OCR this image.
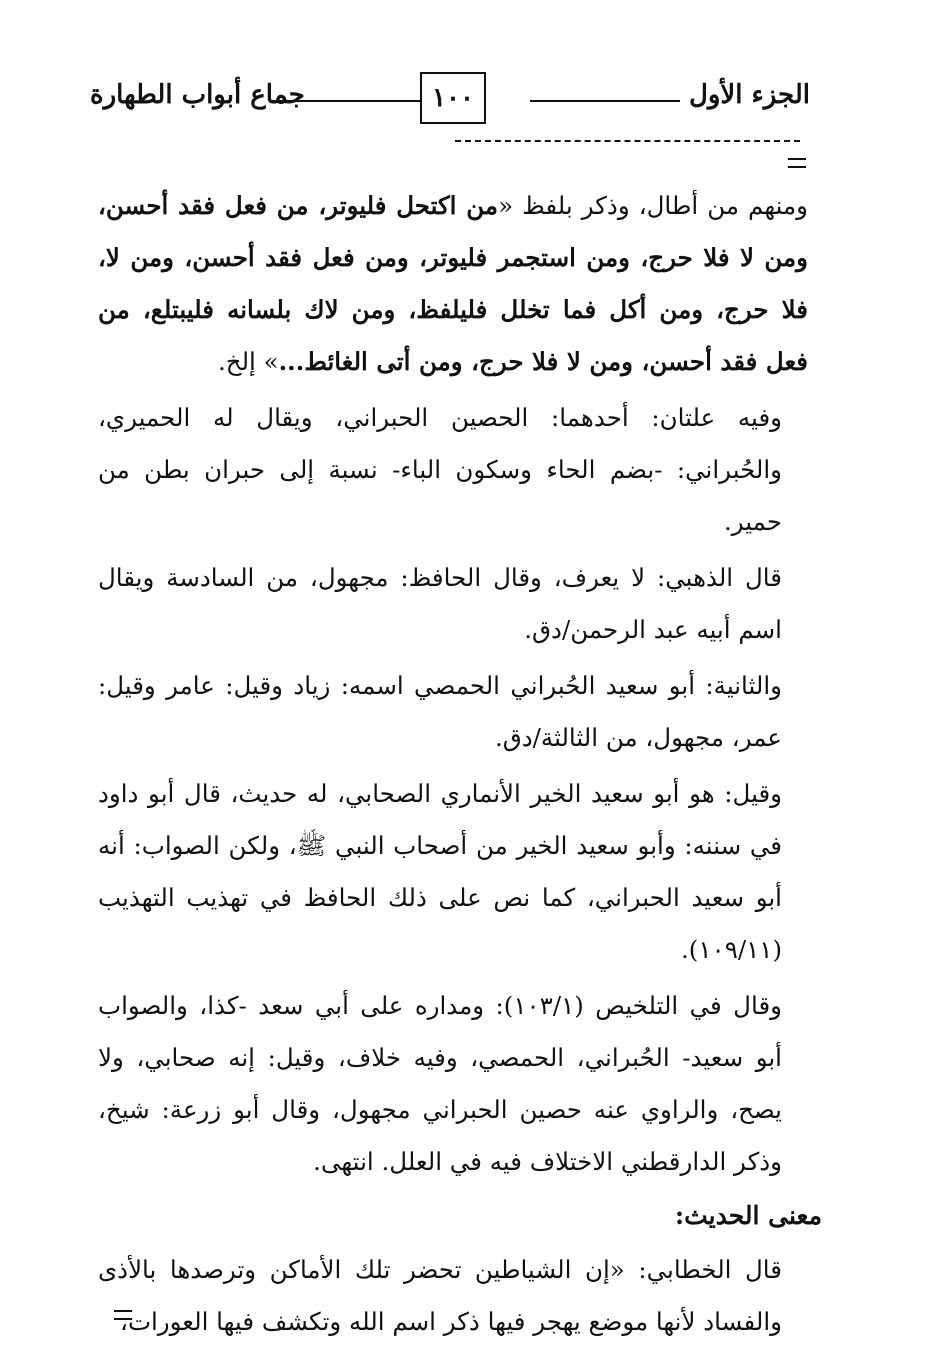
الجزء الأول
١٠٠
جماع أبواب الطهارة

ومنهم من أطال، وذكر بلفظ «من اكتحل فليوتر، من فعل فقد أحسن، ومن لا فلا حرج، ومن استجمر فليوتر، ومن فعل فقد أحسن، ومن لا، فلا حرج، ومن أكل فما تخلل فليلفظ، ومن لاك بلسانه فليبتلع، من فعل فقد أحسن، ومن لا فلا حرج، ومن أتى الغائط...» إلخ.

وفيه علتان: أحدهما: الحصين الحبراني، ويقال له الحميري، والحُبراني: -بضم الحاء وسكون الباء- نسبة إلى حبران بطن من حمير.

قال الذهبي: لا يعرف، وقال الحافظ: مجهول، من السادسة ويقال اسم أبيه عبد الرحمن/دق.

والثانية: أبو سعيد الحُبراني الحمصي اسمه: زياد وقيل: عامر وقيل: عمر، مجهول، من الثالثة/دق.

وقيل: هو أبو سعيد الخير الأنماري الصحابي، له حديث، قال أبو داود في سننه: وأبو سعيد الخير من أصحاب النبي ﷺ، ولكن الصواب: أنه أبو سعيد الحبراني، كما نص على ذلك الحافظ في تهذيب التهذيب (١٠٩/١١).

وقال في التلخيص (١٠٣/١): ومداره على أبي سعد -كذا، والصواب أبو سعيد- الحُبراني، الحمصي، وفيه خلاف، وقيل: إنه صحابي، ولا يصح، والراوي عنه حصين الحبراني مجهول، وقال أبو زرعة: شيخ، وذكر الدارقطني الاختلاف فيه في العلل. انتهى.

معنى الحديث:

قال الخطابي: «إن الشياطين تحضر تلك الأماكن وترصدها بالأذى والفساد لأنها موضع يهجر فيها ذكر اسم الله وتكشف فيها العورات،
